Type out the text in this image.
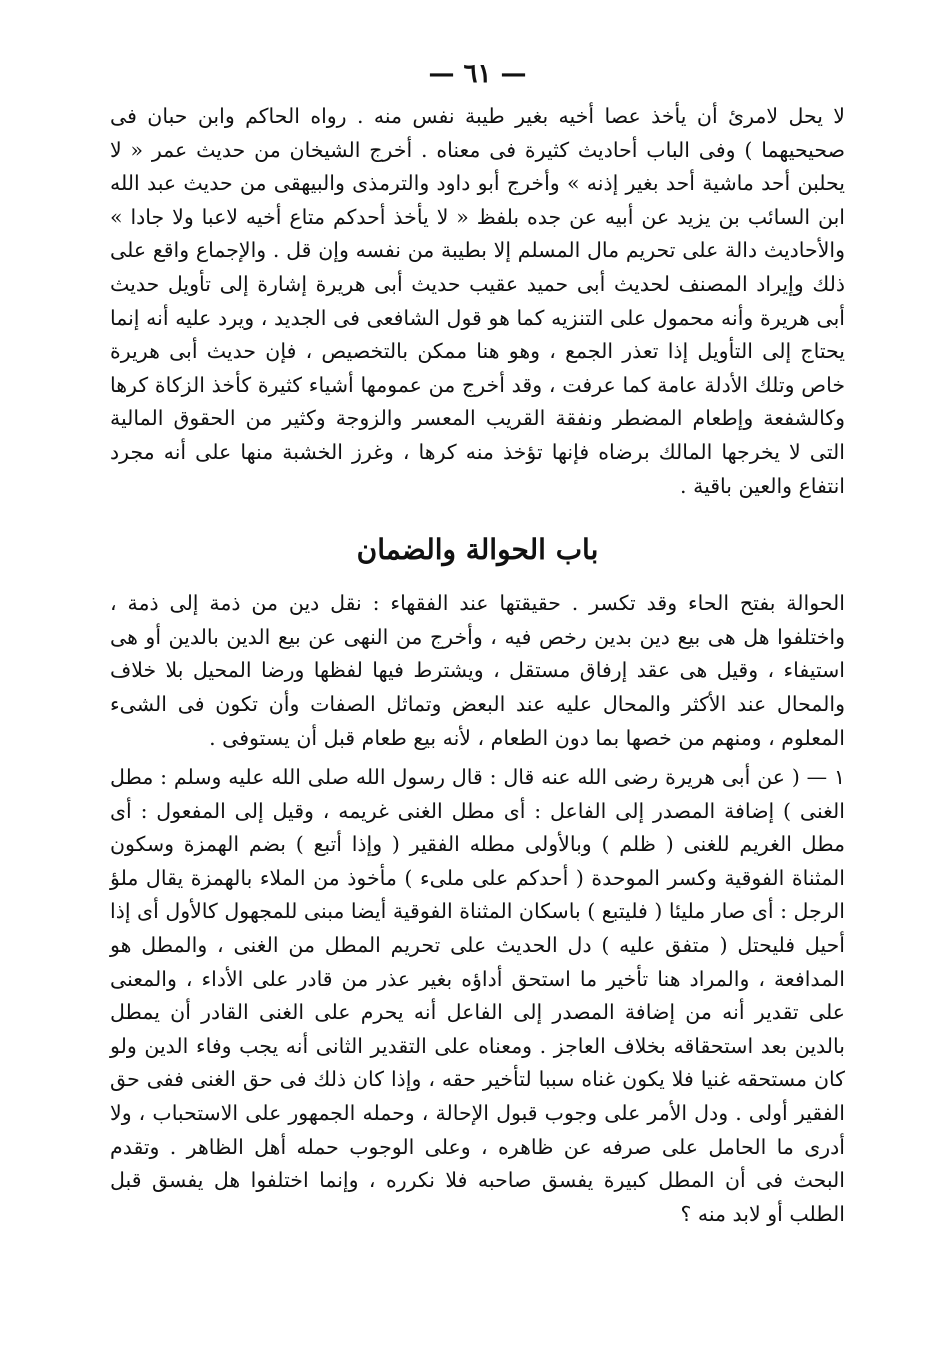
— ٦١ —

لا يحل لامرئ أن يأخذ عصا أخيه بغير طيبة نفس منه . رواه الحاكم وابن حبان فى صحيحيهما ) وفى الباب أحاديث كثيرة فى معناه . أخرج الشيخان من حديث عمر « لا يحلبن أحد ماشية أحد بغير إذنه » وأخرج أبو داود والترمذى والبيهقى من حديث عبد الله ابن السائب بن يزيد عن أبيه عن جده بلفظ « لا يأخذ أحدكم متاع أخيه لاعبا ولا جادا » والأحاديث دالة على تحريم مال المسلم إلا بطيبة من نفسه وإن قل . والإجماع واقع على ذلك وإيراد المصنف لحديث أبى حميد عقيب حديث أبى هريرة إشارة إلى تأويل حديث أبى هريرة وأنه محمول على التنزيه كما هو قول الشافعى فى الجديد ، ويرد عليه أنه إنما يحتاج إلى التأويل إذا تعذر الجمع ، وهو هنا ممكن بالتخصيص ، فإن حديث أبى هريرة خاص وتلك الأدلة عامة كما عرفت ، وقد أخرج من عمومها أشياء كثيرة كأخذ الزكاة كرها وكالشفعة وإطعام المضطر ونفقة القريب المعسر والزوجة وكثير من الحقوق المالية التى لا يخرجها المالك برضاه فإنها تؤخذ منه كرها ، وغرز الخشبة منها على أنه مجرد انتفاع والعين باقية .

باب الحوالة والضمان

الحوالة بفتح الحاء وقد تكسر . حقيقتها عند الفقهاء : نقل دين من ذمة إلى ذمة ، واختلفوا هل هى بيع دين بدين رخص فيه ، وأخرج من النهى عن بيع الدين بالدين أو هى استيفاء ، وقيل هى عقد إرفاق مستقل ، ويشترط فيها لفظها ورضا المحيل بلا خلاف والمحال عند الأكثر والمحال عليه عند البعض وتماثل الصفات وأن تكون فى الشىء المعلوم ، ومنهم من خصها بما دون الطعام ، لأنه بيع طعام قبل أن يستوفى .

١ — ( عن أبى هريرة رضى الله عنه قال : قال رسول الله صلى الله عليه وسلم : مطل الغنى ) إضافة المصدر إلى الفاعل : أى مطل الغنى غريمه ، وقيل إلى المفعول : أى مطل الغريم للغنى ( ظلم ) وبالأولى مطله الفقير ( وإذا أتبع ) بضم الهمزة وسكون المثناة الفوقية وكسر الموحدة ( أحدكم على ملىء ) مأخوذ من الملاء بالهمزة يقال ملؤ الرجل : أى صار مليئا ( فليتبع ) باسكان المثناة الفوقية أيضا مبنى للمجهول كالأول أى إذا أحيل فليحتل ( متفق عليه ) دل الحديث على تحريم المطل من الغنى ، والمطل هو المدافعة ، والمراد هنا تأخير ما استحق أداؤه بغير عذر من قادر على الأداء ، والمعنى على تقدير أنه من إضافة المصدر إلى الفاعل أنه يحرم على الغنى القادر أن يمطل بالدين بعد استحقاقه بخلاف العاجز . ومعناه على التقدير الثانى أنه يجب وفاء الدين ولو كان مستحقه غنيا فلا يكون غناه سببا لتأخير حقه ، وإذا كان ذلك فى حق الغنى ففى حق الفقير أولى . ودل الأمر على وجوب قبول الإحالة ، وحمله الجمهور على الاستحباب ، ولا أدرى ما الحامل على صرفه عن ظاهره ، وعلى الوجوب حمله أهل الظاهر . وتقدم البحث فى أن المطل كبيرة يفسق صاحبه فلا نكرره ، وإنما اختلفوا هل يفسق قبل الطلب أو لابد منه ؟
